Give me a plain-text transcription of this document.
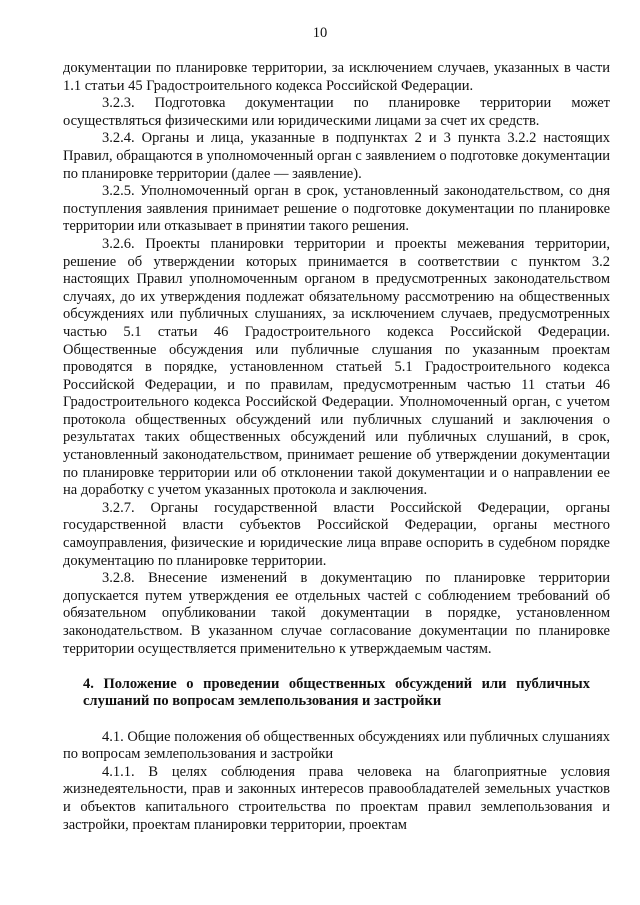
10

документации по планировке территории, за исключением случаев, указанных в части 1.1 статьи 45 Градостроительного кодекса Российской Федерации.

3.2.3. Подготовка документации по планировке территории может осуществляться физическими или юридическими лицами за счет их средств.

3.2.4. Органы и лица, указанные в подпунктах 2 и 3 пункта 3.2.2 настоящих Правил, обращаются в уполномоченный орган с заявлением о подготовке документации по планировке территории (далее — заявление).

3.2.5. Уполномоченный орган в срок, установленный законодательством, со дня поступления заявления принимает решение о подготовке документации по планировке территории или отказывает в принятии такого решения.

3.2.6. Проекты планировки территории и проекты межевания территории, решение об утверждении которых принимается в соответствии с пунктом 3.2 настоящих Правил уполномоченным органом в предусмотренных законодательством случаях, до их утверждения подлежат обязательному рассмотрению на общественных обсуждениях или публичных слушаниях, за исключением случаев, предусмотренных частью 5.1 статьи 46 Градостроительного кодекса Российской Федерации. Общественные обсуждения или публичные слушания по указанным проектам проводятся в порядке, установленном статьей 5.1 Градостроительного кодекса Российской Федерации, и по правилам, предусмотренным частью 11 статьи 46 Градостроительного кодекса Российской Федерации. Уполномоченный орган, с учетом протокола общественных обсуждений или публичных слушаний и заключения о результатах таких общественных обсуждений или публичных слушаний, в срок, установленный законодательством, принимает решение об утверждении документации по планировке территории или об отклонении такой документации и о направлении ее на доработку с учетом указанных протокола и заключения.

3.2.7. Органы государственной власти Российской Федерации, органы государственной власти субъектов Российской Федерации, органы местного самоуправления, физические и юридические лица вправе оспорить в судебном порядке документацию по планировке территории.

3.2.8. Внесение изменений в документацию по планировке территории допускается путем утверждения ее отдельных частей с соблюдением требований об обязательном опубликовании такой документации в порядке, установленном законодательством. В указанном случае согласование документации по планировке территории осуществляется применительно к утверждаемым частям.

4. Положение о проведении общественных обсуждений или публичных слушаний по вопросам землепользования и застройки

4.1. Общие положения об общественных обсуждениях или публичных слушаниях по вопросам землепользования и застройки

4.1.1. В целях соблюдения права человека на благоприятные условия жизнедеятельности, прав и законных интересов правообладателей земельных участков и объектов капитального строительства по проектам правил землепользования и застройки, проектам планировки территории, проектам
